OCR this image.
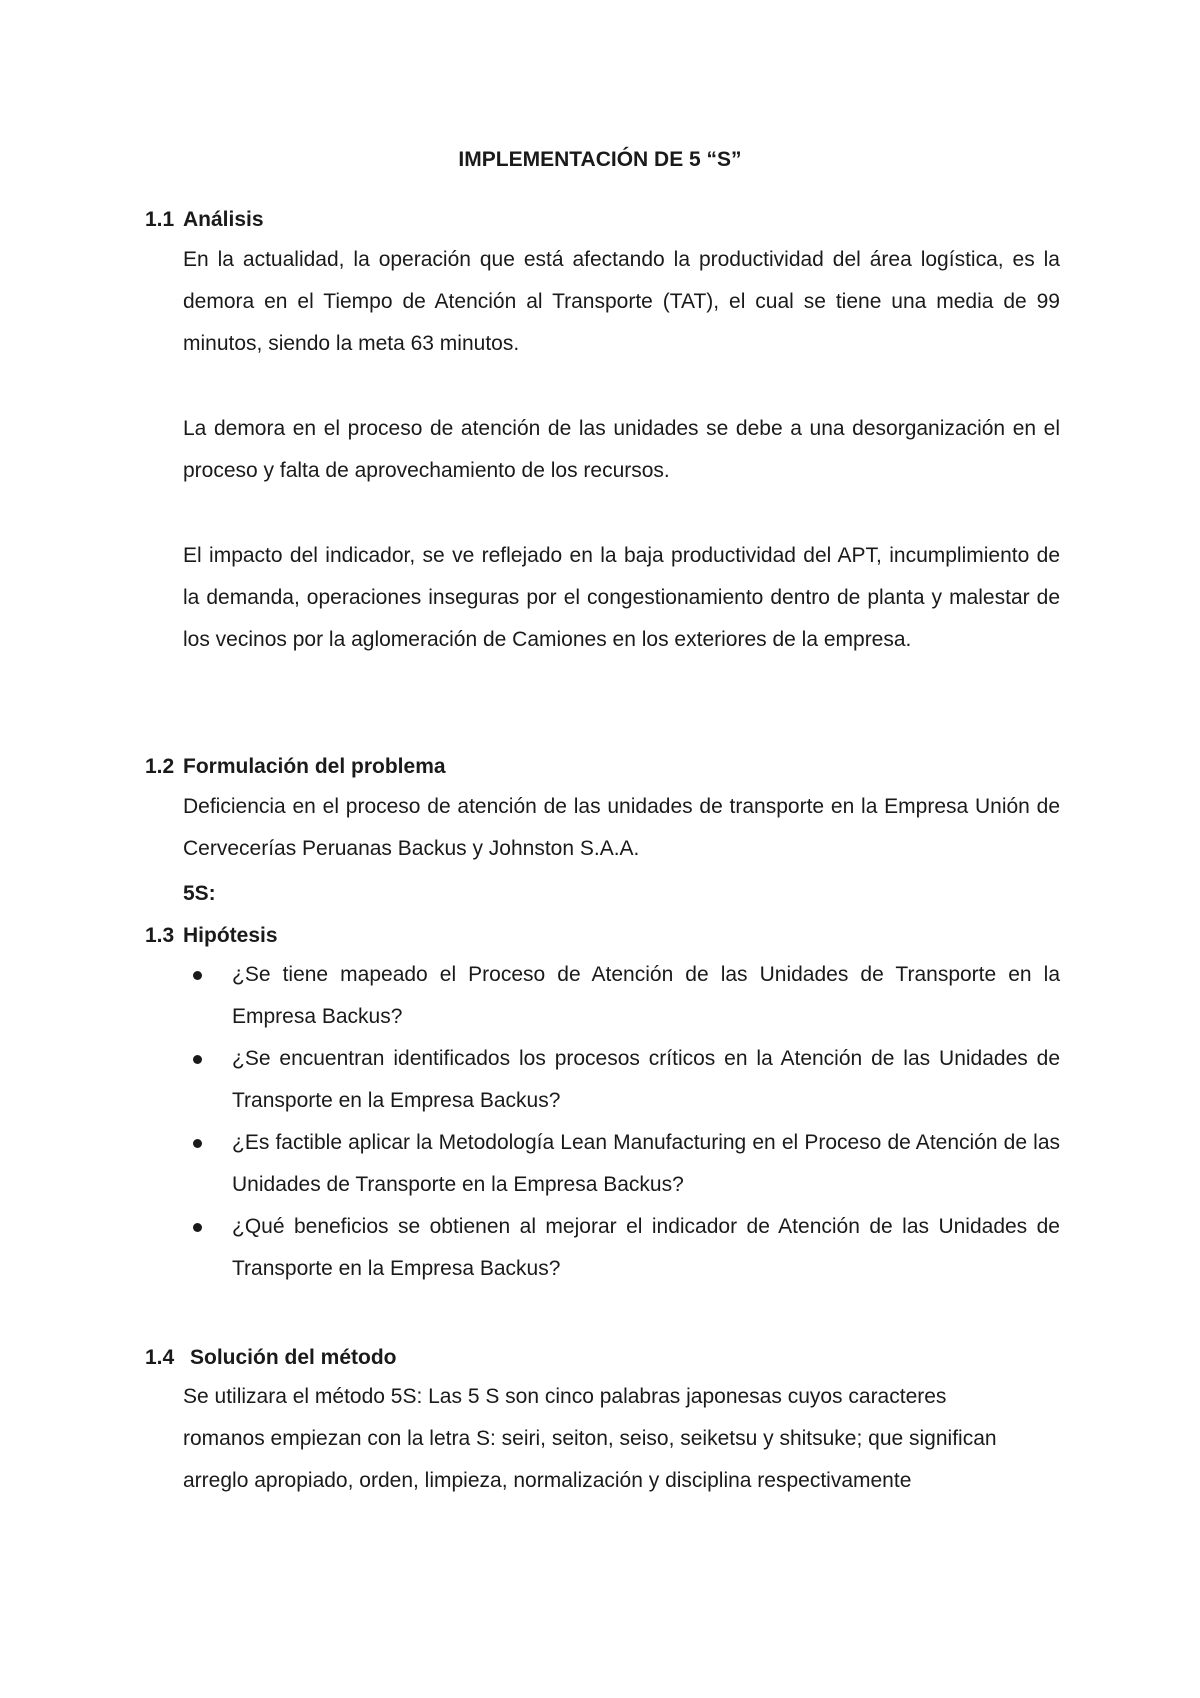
IMPLEMENTACIÓN DE 5 “S”
1.1 Análisis
En la actualidad, la operación que está afectando la productividad del área logística, es la demora en el Tiempo de Atención al Transporte (TAT), el cual se tiene una media de 99 minutos, siendo la meta 63 minutos.
La demora en el proceso de atención de las unidades se debe a una desorganización en el proceso y falta de aprovechamiento de los recursos.
El impacto del indicador, se ve reflejado en la baja productividad del APT, incumplimiento de la demanda, operaciones inseguras por el congestionamiento dentro de planta y malestar de los vecinos por la aglomeración de Camiones en los exteriores de la empresa.
1.2 Formulación del problema
Deficiencia en el proceso de atención de las unidades de transporte en la Empresa Unión de Cervecerías Peruanas Backus y Johnston S.A.A.
5S:
1.3 Hipótesis
¿Se tiene mapeado el Proceso de Atención de las Unidades de Transporte en la Empresa Backus?
¿Se encuentran identificados los procesos críticos en la Atención de las Unidades de Transporte en la Empresa Backus?
¿Es factible aplicar la Metodología Lean Manufacturing en el Proceso de Atención de las Unidades de Transporte en la Empresa Backus?
¿Qué beneficios se obtienen al mejorar el indicador de Atención de las Unidades de Transporte en la Empresa Backus?
1.4 Solución del método
Se utilizara el método 5S: Las 5 S son cinco palabras japonesas cuyos caracteres romanos empiezan con la letra S: seiri, seiton, seiso, seiketsu y shitsuke; que significan arreglo apropiado, orden, limpieza, normalización y disciplina respectivamente
